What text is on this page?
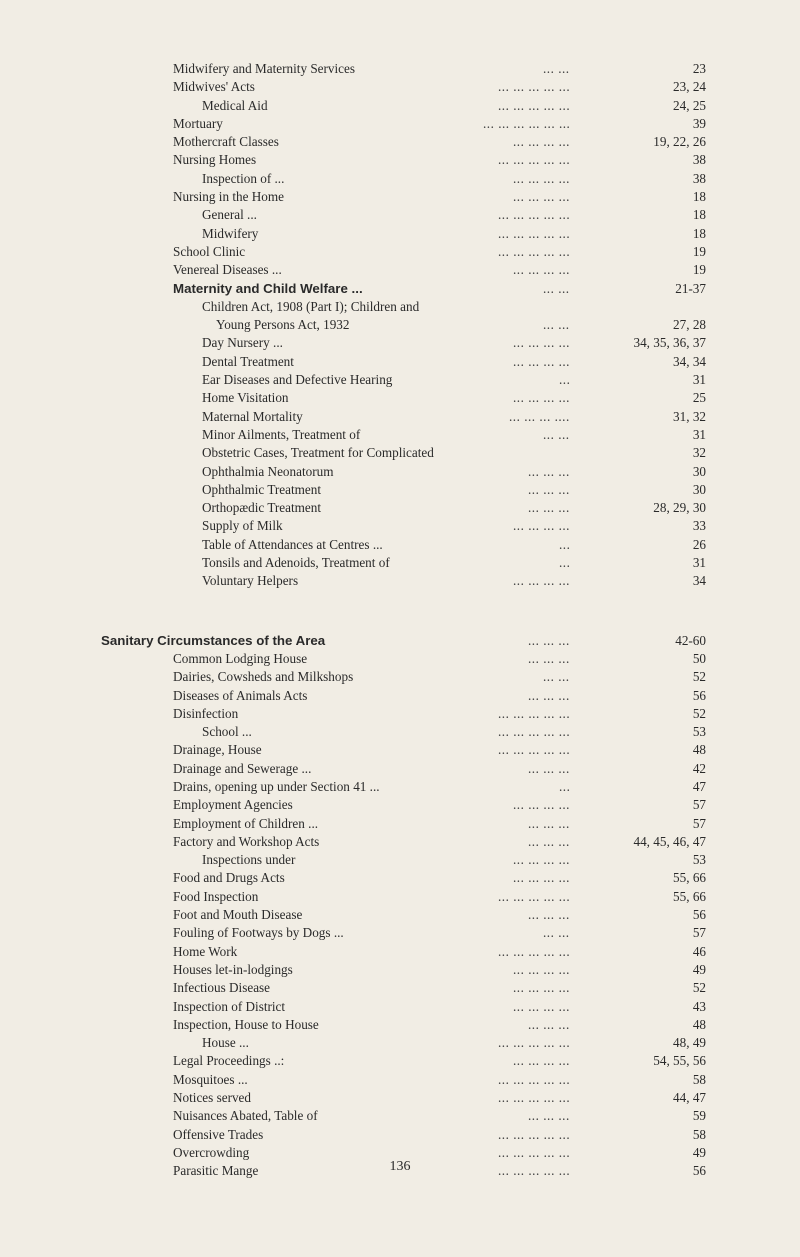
Midwifery and Maternity Services	... ...	23
Midwives' Acts	... ... ... ... ...	23, 24
Medical Aid	... ... ... ... ...	24, 25
Mortuary	... ... ... ... ... ...	39
Mothercraft Classes	... ... ... ...	19, 22, 26
Nursing Homes	... ... ... ... ...	38
Inspection of ...	... ... ... ...	38
Nursing in the Home	... ... ... ...	18
General ...	... ... ... ... ...	18
Midwifery	... ... ... ... ...	18
School Clinic	... ... ... ... ...	19
Venereal Diseases ...	... ... ... ...	19
Maternity and Child Welfare ...	... ...	21-37
Children Act, 1908 (Part I); Children and
Young Persons Act, 1932	... ...	27, 28
Day Nursery ...	... ... ... ...	34, 35, 36, 37
Dental Treatment	... ... ... ...	34, 34
Ear Diseases and Defective Hearing	...	31
Home Visitation	... ... ... ...	25
Maternal Mortality	... ... ... ....	31, 32
Minor Ailments, Treatment of	... ...	31
Obstetric Cases, Treatment for Complicated	32
Ophthalmia Neonatorum	... ... ...	30
Ophthalmic Treatment	... ... ...	30
Orthopædic Treatment	... ... ...	28, 29, 30
Supply of Milk	... ... ... ...	33
Table of Attendances at Centres ...	...	26
Tonsils and Adenoids, Treatment of	...	31
Voluntary Helpers	... ... ... ...	34
Sanitary Circumstances of the Area	... ... ...	42-60
Common Lodging House	... ... ...	50
Dairies, Cowsheds and Milkshops	... ...	52
Diseases of Animals Acts	... ... ...	56
Disinfection	... ... ... ... ...	52
School ...	... ... ... ... ...	53
Drainage, House	... ... ... ... ...	48
Drainage and Sewerage ...	... ... ...	42
Drains, opening up under Section 41 ...	...	47
Employment Agencies	... ... ... ...	57
Employment of Children ...	... ... ...	57
Factory and Workshop Acts	... ... ...	44, 45, 46, 47
Inspections under	... ... ... ...	53
Food and Drugs Acts	... ... ... ...	55, 66
Food Inspection	... ... ... ... ...	55, 66
Foot and Mouth Disease	... ... ...	56
Fouling of Footways by Dogs ...	... ...	57
Home Work	... ... ... ... ...	46
Houses let-in-lodgings	... ... ... ...	49
Infectious Disease	... ... ... ...	52
Inspection of District	... ... ... ...	43
Inspection, House to House	... ... ...	48
House ...	... ... ... ... ...	48, 49
Legal Proceedings ..:	... ... ... ...	54, 55, 56
Mosquitoes ...	... ... ... ... ...	58
Notices served	... ... ... ... ...	44, 47
Nuisances Abated, Table of	... ... ...	59
Offensive Trades	... ... ... ... ...	58
Overcrowding	... ... ... ... ...	49
Parasitic Mange	... ... ... ... ...	56
136
